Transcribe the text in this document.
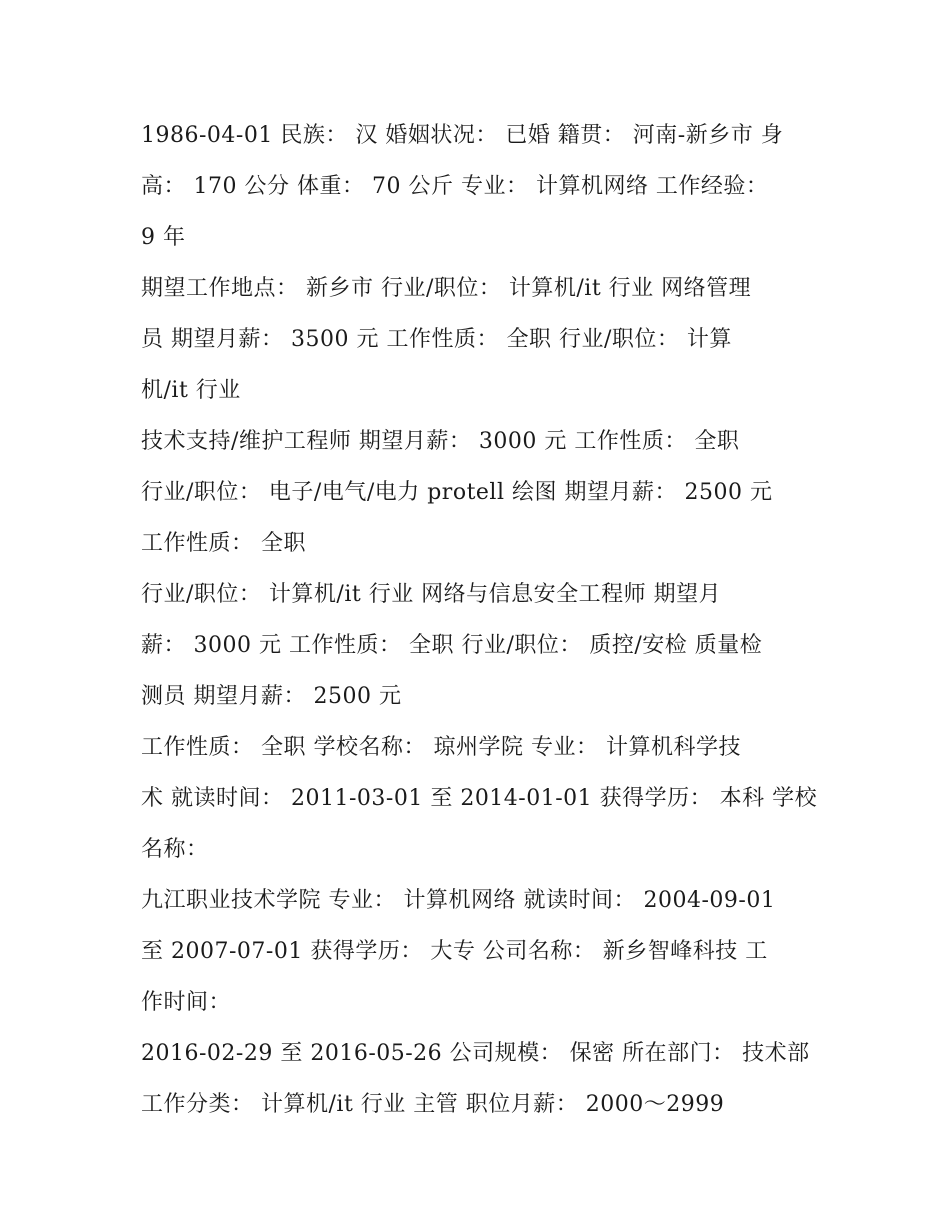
1986-04-01 民族： 汉 婚姻状况： 已婚 籍贯： 河南-新乡市 身
高： 170 公分 体重： 70 公斤 专业： 计算机网络 工作经验：
9 年
期望工作地点： 新乡市 行业/职位： 计算机/it 行业 网络管理
员 期望月薪： 3500 元 工作性质： 全职 行业/职位： 计算
机/it 行业
技术支持/维护工程师 期望月薪： 3000 元 工作性质： 全职
行业/职位： 电子/电气/电力 protell 绘图 期望月薪： 2500 元
工作性质： 全职
行业/职位： 计算机/it 行业 网络与信息安全工程师 期望月
薪： 3000 元 工作性质： 全职 行业/职位： 质控/安检 质量检
测员 期望月薪： 2500 元
工作性质： 全职 学校名称： 琼州学院 专业： 计算机科学技
术 就读时间： 2011-03-01 至 2014-01-01 获得学历： 本科 学校
名称：
九江职业技术学院 专业： 计算机网络 就读时间： 2004-09-01
至 2007-07-01 获得学历： 大专 公司名称： 新乡智峰科技 工
作时间：
2016-02-29 至 2016-05-26 公司规模： 保密 所在部门： 技术部
工作分类： 计算机/it 行业 主管 职位月薪： 2000～2999
